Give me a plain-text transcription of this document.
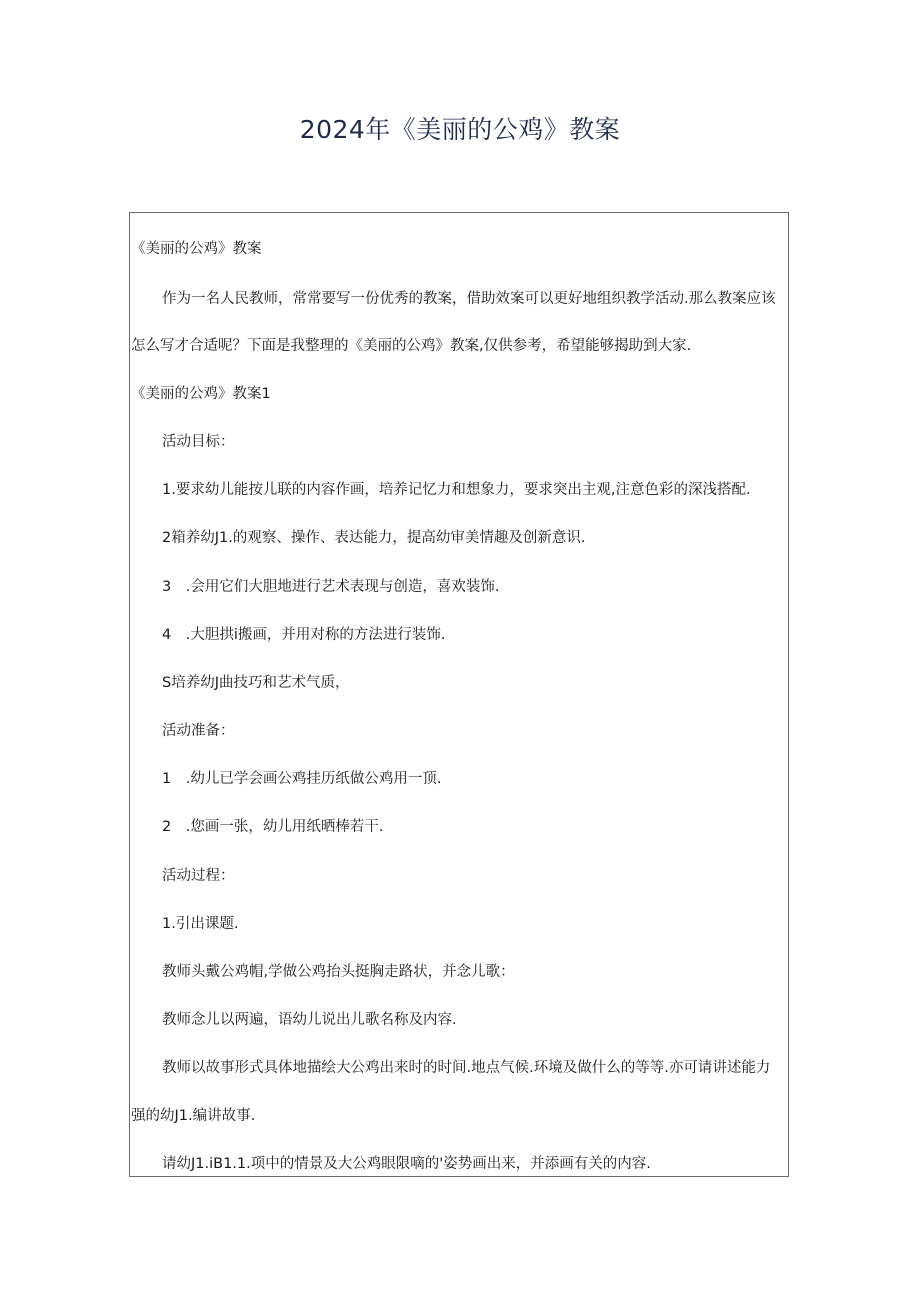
2024年《美丽的公鸡》教案
《美丽的公鸡》教案
作为一名人民教师，常常要写一份优秀的教案，借助效案可以更好地组织教学活动.那么教案应该
怎么写才合适呢？下面是我整理的《美丽的公鸡》教案,仅供参考，希望能够揭助到大家.
《美丽的公鸡》教案1
活动目标：
1.要求幼儿能按儿联的内容作画，培养记忆力和想象力，要求突出主观,注意色彩的深浅搭配.
2箱养幼J1.的观察、操作、表达能力，提高幼审美情趣及创新意识.
3　.会用它们大胆地进行艺术表现与创造，喜欢装饰.
4　.大胆拱i搬画，并用对称的方法进行装饰.
S培养幼J曲技巧和艺术气质，
活动准备：
1　.幼儿已学会画公鸡挂历纸做公鸡用一顶.
2　.您画一张，幼儿用纸晒棒若干.
活动过程：
1.引出课题.
教师头戴公鸡帽,学做公鸡抬头挺胸走路状，并念儿歌：
教师念儿以两遍，语幼儿说出儿歌名称及内容.
教师以故事形式具体地描绘大公鸡出来时的时间.地点气候.环境及做什么的等等.亦可请讲述能力
强的幼J1.编讲故事.
请幼J1.iB1.1.项中的情景及大公鸡眼限嘀的'姿势画出来，并添画有关的内容.
